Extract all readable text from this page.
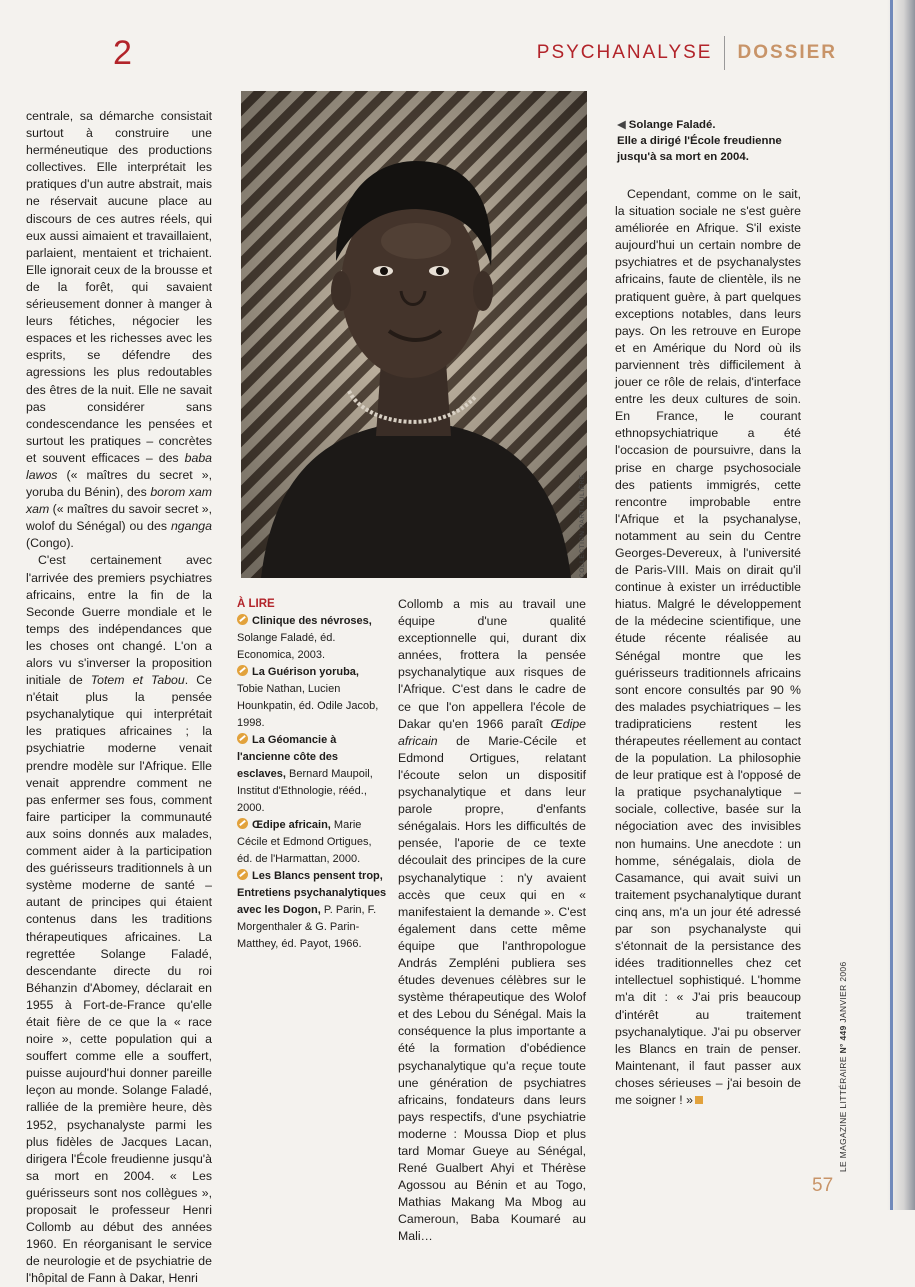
2	PSYCHANALYSE DOSSIER

centrale, sa démarche consistait surtout à construire une herméneutique des productions collectives. Elle interprétait les pratiques d'un autre abstrait, mais ne réservait aucune place au discours de ces autres réels, qui eux aussi aimaient et travaillaient, parlaient, mentaient et trichaient. Elle ignorait ceux de la brousse et de la forêt, qui savaient sérieusement donner à manger à leurs fétiches, négocier les espaces et les richesses avec les esprits, se défendre des agressions les plus redoutables des êtres de la nuit. Elle ne savait pas considérer sans condescendance les pensées et surtout les pratiques – concrètes et souvent efficaces – des baba lawos (« maîtres du secret », yoruba du Bénin), des borom xam xam (« maîtres du savoir secret », wolof du Sénégal) ou des nganga (Congo).

C'est certainement avec l'arrivée des premiers psychiatres africains, entre la fin de la Seconde Guerre mondiale et le temps des indépendances que les choses ont changé. L'on a alors vu s'inverser la proposition initiale de Totem et Tabou. Ce n'était plus la pensée psychanalytique qui interprétait les pratiques africaines ; la psychiatrie moderne venait prendre modèle sur l'Afrique. Elle venait apprendre comment ne pas enfermer ses fous, comment faire participer la communauté aux soins donnés aux malades, comment aider à la participation des guérisseurs traditionnels à un système moderne de santé – autant de principes qui étaient contenus dans les traditions thérapeutiques africaines. La regrettée Solange Faladé, descendante directe du roi Béhanzin d'Abomey, déclarait en 1955 à Fort-de-France qu'elle était fière de ce que la « race noire », cette population qui a souffert comme elle a souffert, puisse aujourd'hui donner pareille leçon au monde. Solange Faladé, ralliée de la première heure, dès 1952, psychanalyste parmi les plus fidèles de Jacques Lacan, dirigera l'École freudienne jusqu'à sa mort en 2004. « Les guérisseurs sont nos collègues », proposait le professeur Henri Collomb au début des années 1960. En réorganisant le service de neurologie et de psychiatrie de l'hôpital de Fann à Dakar, Henri

COLLECTION PARTICULIÈRE
◀ Solange Faladé.
Elle a dirigé l'École freudienne jusqu'à sa mort en 2004.
À LIRE

Clinique des névroses, Solange Faladé, éd. Economica, 2003.

La Guérison yoruba, Tobie Nathan, Lucien Hounkpatin, éd. Odile Jacob, 1998.

La Géomancie à l'ancienne côte des esclaves, Bernard Maupoil, Institut d'Ethnologie, rééd., 2000.

Œdipe africain, Marie Cécile et Edmond Ortigues, éd. de l'Harmattan, 2000.

Les Blancs pensent trop, Entretiens psychanalytiques avec les Dogon, P. Parin, F. Morgenthaler & G. Parin-Matthey, éd. Payot, 1966.

Collomb a mis au travail une équipe d'une qualité exceptionnelle qui, durant dix années, frottera la pensée psychanalytique aux risques de l'Afrique. C'est dans le cadre de ce que l'on appellera l'école de Dakar qu'en 1966 paraît Œdipe africain de Marie-Cécile et Edmond Ortigues, relatant l'écoute selon un dispositif psychanalytique et dans leur parole propre, d'enfants sénégalais. Hors les difficultés de pensée, l'aporie de ce texte découlait des principes de la cure psychanalytique : n'y avaient accès que ceux qui en « manifestaient la demande ». C'est également dans cette même équipe que l'anthropologue András Zempléni publiera ses études devenues célèbres sur le système thérapeutique des Wolof et des Lebou du Sénégal. Mais la conséquence la plus importante a été la formation d'obédience psychanalytique qu'a reçue toute une génération de psychiatres africains, fondateurs dans leurs pays respectifs, d'une psychiatrie moderne : Moussa Diop et plus tard Momar Gueye au Sénégal, René Gualbert Ahyi et Thérèse Agossou au Bénin et au Togo, Mathias Makang Ma Mbog au Cameroun, Baba Koumaré au Mali…

Cependant, comme on le sait, la situation sociale ne s'est guère améliorée en Afrique. S'il existe aujourd'hui un certain nombre de psychiatres et de psychanalystes africains, faute de clientèle, ils ne pratiquent guère, à part quelques exceptions notables, dans leurs pays. On les retrouve en Europe et en Amérique du Nord où ils parviennent très difficilement à jouer ce rôle de relais, d'interface entre les deux cultures de soin. En France, le courant ethnopsychiatrique a été l'occasion de poursuivre, dans la prise en charge psychosociale des patients immigrés, cette rencontre improbable entre l'Afrique et la psychanalyse, notamment au sein du Centre Georges-Devereux, à l'université de Paris-VIII. Mais on dirait qu'il continue à exister un irréductible hiatus. Malgré le développement de la médecine scientifique, une étude récente réalisée au Sénégal montre que les guérisseurs traditionnels africains sont encore consultés par 90 % des malades psychiatriques – les tradipraticiens restent les thérapeutes réellement au contact de la population. La philosophie de leur pratique est à l'opposé de la pratique psychanalytique – sociale, collective, basée sur la négociation avec des invisibles non humains. Une anecdote : un homme, sénégalais, diola de Casamance, qui avait suivi un traitement psychanalytique durant cinq ans, m'a un jour été adressé par son psychanalyste qui s'étonnait de la persistance des idées traditionnelles chez cet intellectuel sophistiqué. L'homme m'a dit : « J'ai pris beaucoup d'intérêt au traitement psychanalytique. J'ai pu observer les Blancs en train de penser. Maintenant, il faut passer aux choses sérieuses – j'ai besoin de me soigner ! »	LE MAGAZINE LITTÉRAIRE N° 449 JANVIER 2006
57
